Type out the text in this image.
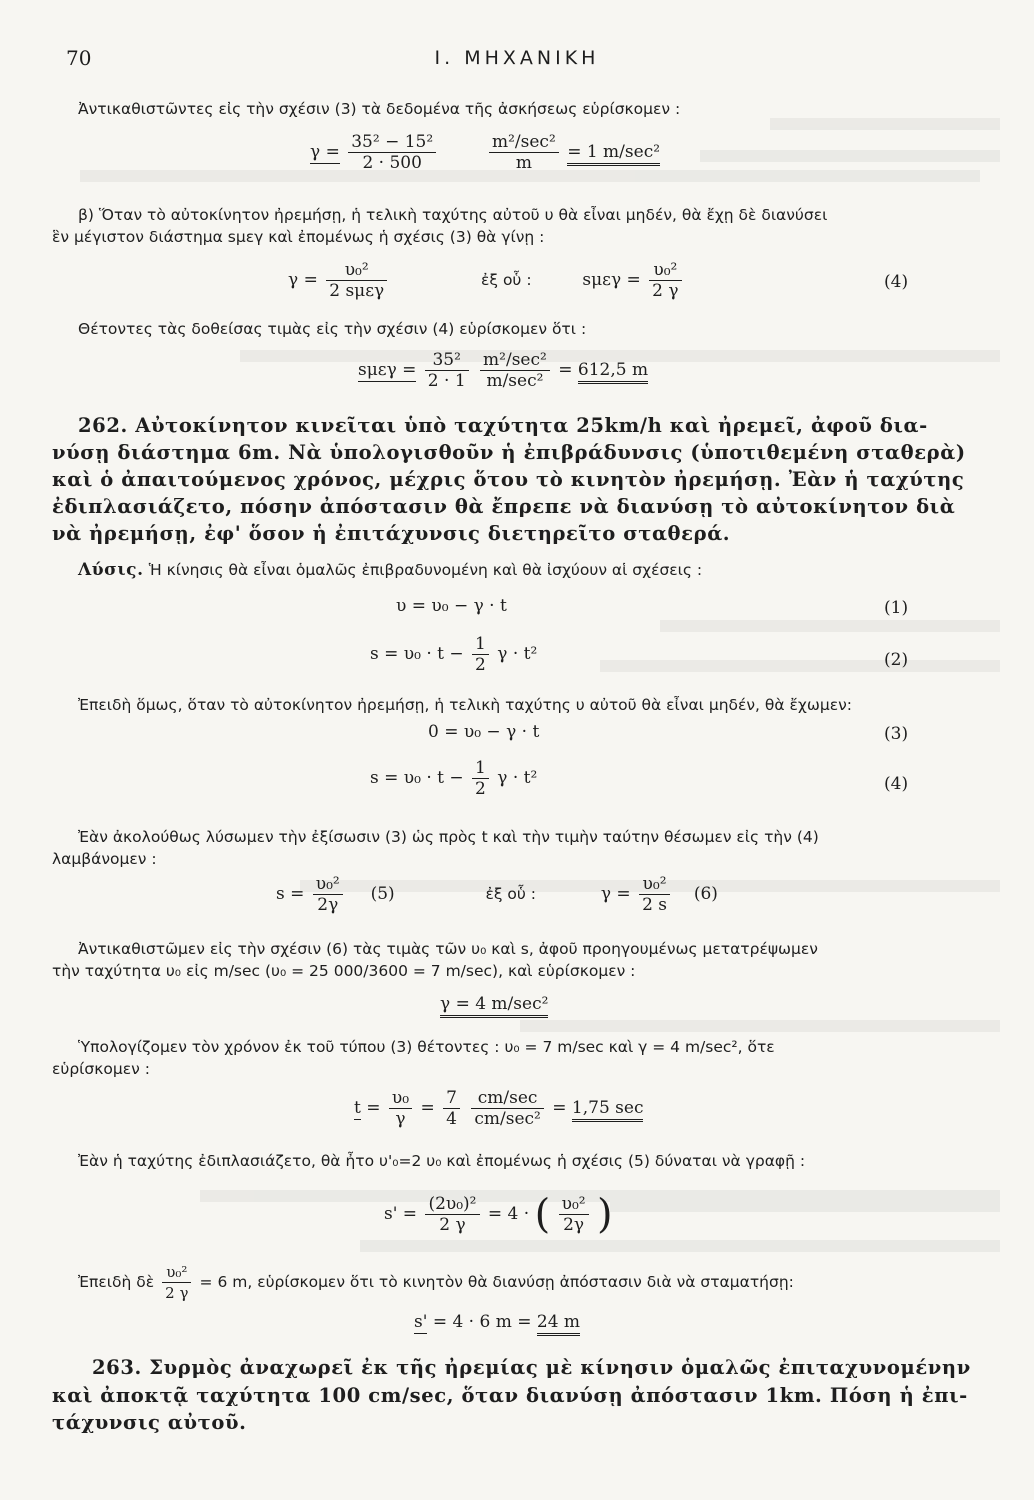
70	I. ΜΗΧΑΝΙΚΗ
Ἀντικαθιστῶντες εἰς τὴν σχέσιν (3) τὰ δεδομένα τῆς ἀσκήσεως εὑρίσκομεν :
$\gamma = \frac{\text{35² − 15²}}{2 \cdot 500}$
	$\frac{\text{m²/sec²}}{m} = 1$ m/sec²
β) Ὅταν τὸ αὐτοκίνητον ἠρεμήσῃ, ἡ τελικὴ ταχύτης αὐτοῦ υ θὰ εἶναι μηδέν, θὰ ἔχῃ δὲ διανύσει
ἓν μέγιστον διάστημα sμεγ καὶ ἐπομένως ἡ σχέσις (3) θὰ γίνῃ :
$\gamma = \frac{\text{υ₀²}}{\text{2 sμεγ}}$	ἐξ οὗ :	$s\mu\varepsilon\gamma = \frac{\text{υ₀²}}{2 \gamma}$	(4)
Θέτοντες τὰς δοθείσας τιμὰς εἰς τὴν σχέσιν (4) εὑρίσκομεν ὅτι :
$s\mu\varepsilon\gamma = \frac{\text{35²}}{2 \cdot 1}$
$\frac{\text{m²/sec²}}{\text{m/sec²}} = 612,5$ m
262. Αὐτοκίνητον κινεῖται ὑπὸ ταχύτητα 25km/h καὶ ἠρεμεῖ, ἀφοῦ δια-
νύσῃ διάστημα 6m. Νὰ ὑπολογισθοῦν ἡ ἐπιβράδυνσις (ὑποτιθεμένη σταθερὰ)
καὶ ὁ ἀπαιτούμενος χρόνος, μέχρις ὅτου τὸ κινητὸν ἠρεμήσῃ. Ἐὰν ἡ ταχύτης
ἐδιπλασιάζετο, πόσην ἀπόστασιν θὰ ἔπρεπε νὰ διανύσῃ τὸ αὐτοκίνητον διὰ
νὰ ἠρεμήσῃ, ἐφ' ὅσον ἡ ἐπιτάχυνσις διετηρεῖτο σταθερά.
Λύσις. Ἡ κίνησις θὰ εἶναι ὁμαλῶς ἐπιβραδυνομένη καὶ θὰ ἰσχύουν αἱ σχέσεις :
υ = υ₀ − γ · t	(1)
$s = \upsilon_0 \cdot t - \frac{1}{2}$ γ · t²	(2)
Ἐπειδὴ ὅμως, ὅταν τὸ αὐτοκίνητον ἠρεμήσῃ, ἡ τελικὴ ταχύτης υ αὐτοῦ θὰ εἶναι μηδέν, θὰ ἔχωμεν:
0 = υ₀ − γ · t	(3)
$s = \upsilon_0 \cdot t - \frac{1}{2}$ γ · t²	(4)
Ἐὰν ἀκολούθως λύσωμεν τὴν ἐξίσωσιν (3) ὡς πρὸς t καὶ τὴν τιμὴν ταύτην θέσωμεν εἰς τὴν (4)
λαμβάνομεν :
$s = \frac{\text{υ₀²}}{2\gamma} (5)$	ἐξ οὗ :	$\gamma = \frac{\text{υ₀²}}{2 s} (6)$
Ἀντικαθιστῶμεν εἰς τὴν σχέσιν (6) τὰς τιμὰς τῶν υ₀ καὶ s, ἀφοῦ προηγουμένως μετατρέψωμεν
τὴν ταχύτητα υ₀ εἰς m/sec (υ₀ = 25 000/3600 = 7 m/sec), καὶ εὑρίσκομεν :
γ = 4 m/sec²
Ὑπολογίζομεν τὸν χρόνον ἐκ τοῦ τύπου (3) θέτοντες : υ₀ = 7 m/sec καὶ γ = 4 m/sec², ὅτε
εὑρίσκομεν :
$t = \frac{\text{υ₀}}{\gamma} = \frac{7}{4}$
$\frac{cm/\sec}{\text{cm/sec²}} = 1,75$ sec
Ἐὰν ἡ ταχύτης ἐδιπλασιάζετο, θὰ ἦτο υ'₀=2 υ₀ καὶ ἐπομένως ἡ σχέσις (5) δύναται νὰ γραφῇ :
$s' = \frac{\text{(2υ₀)²}}{2 \gamma} = 4$ · ( $\frac{\text{υ₀²}}{2\gamma}$ )
Ἐπειδὴ δὲ $\frac{\text{υ₀²}}{2 \gamma} = 6$ m, εὑρίσκομεν ὅτι τὸ κινητὸν θὰ διανύσῃ ἀπόστασιν διὰ νὰ σταματήσῃ:
s' = 4 · 6 m = 24 m
263. Συρμὸς ἀναχωρεῖ ἐκ τῆς ἠρεμίας μὲ κίνησιν ὁμαλῶς ἐπιταχυνομένην
καὶ ἀποκτᾷ ταχύτητα 100 cm/sec, ὅταν διανύσῃ ἀπόστασιν 1km. Πόση ἡ ἐπι-
τάχυνσις αὐτοῦ.
